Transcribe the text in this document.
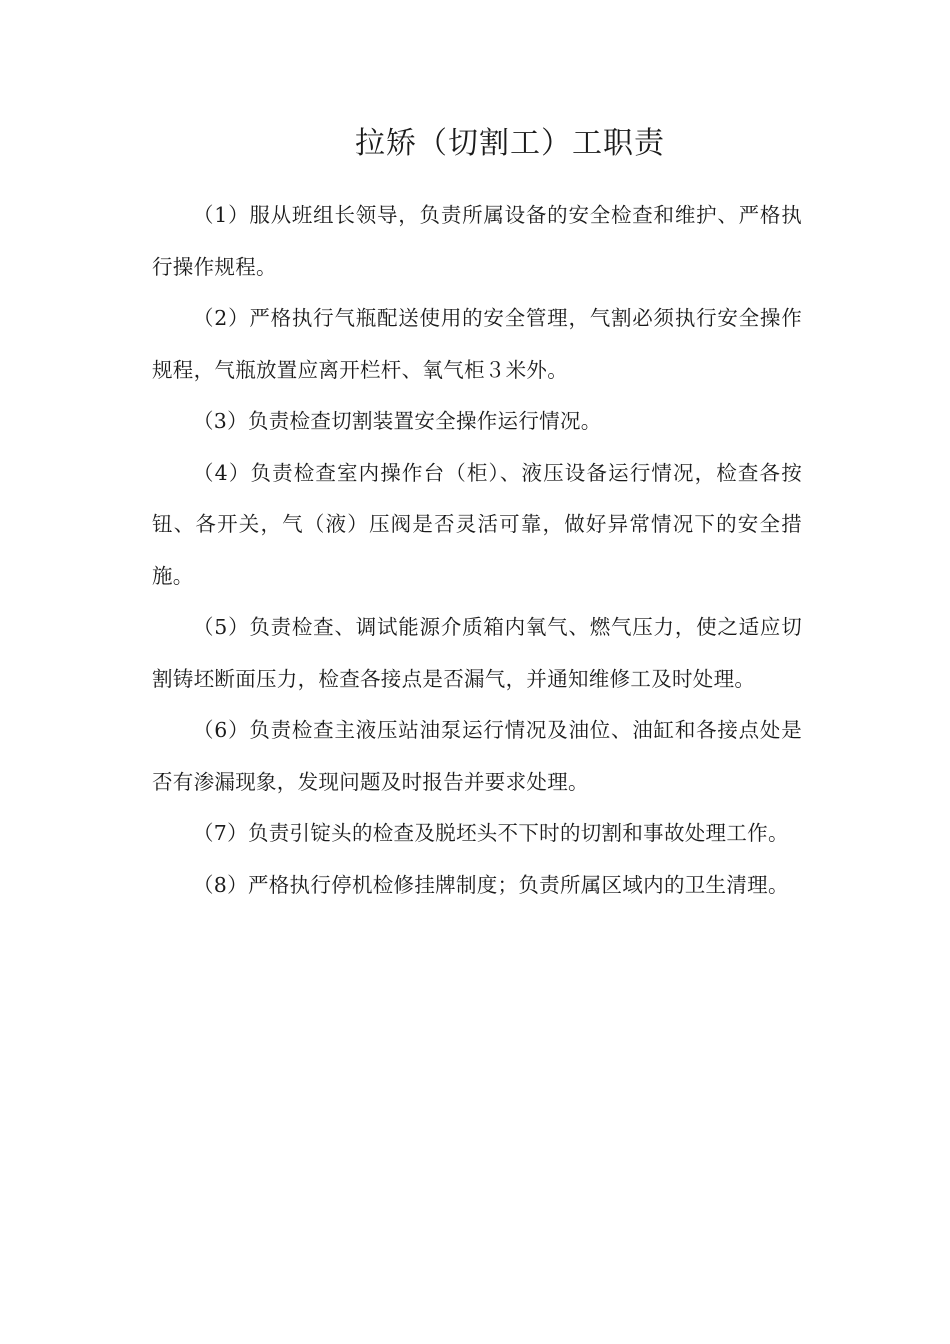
拉矫（切割工）工职责

（1）服从班组长领导，负责所属设备的安全检查和维护、严格执行操作规程。

（2）严格执行气瓶配送使用的安全管理，气割必须执行安全操作规程，气瓶放置应离开栏杆、氧气柜３米外。

（3）负责检查切割装置安全操作运行情况。

（4）负责检查室内操作台（柜）、液压设备运行情况，检查各按钮、各开关，气（液）压阀是否灵活可靠，做好异常情况下的安全措施。

（5）负责检查、调试能源介质箱内氧气、燃气压力，使之适应切割铸坯断面压力，检查各接点是否漏气，并通知维修工及时处理。

（6）负责检查主液压站油泵运行情况及油位、油缸和各接点处是否有渗漏现象，发现问题及时报告并要求处理。

（7）负责引锭头的检查及脱坯头不下时的切割和事故处理工作。

（8）严格执行停机检修挂牌制度；负责所属区域内的卫生清理。
